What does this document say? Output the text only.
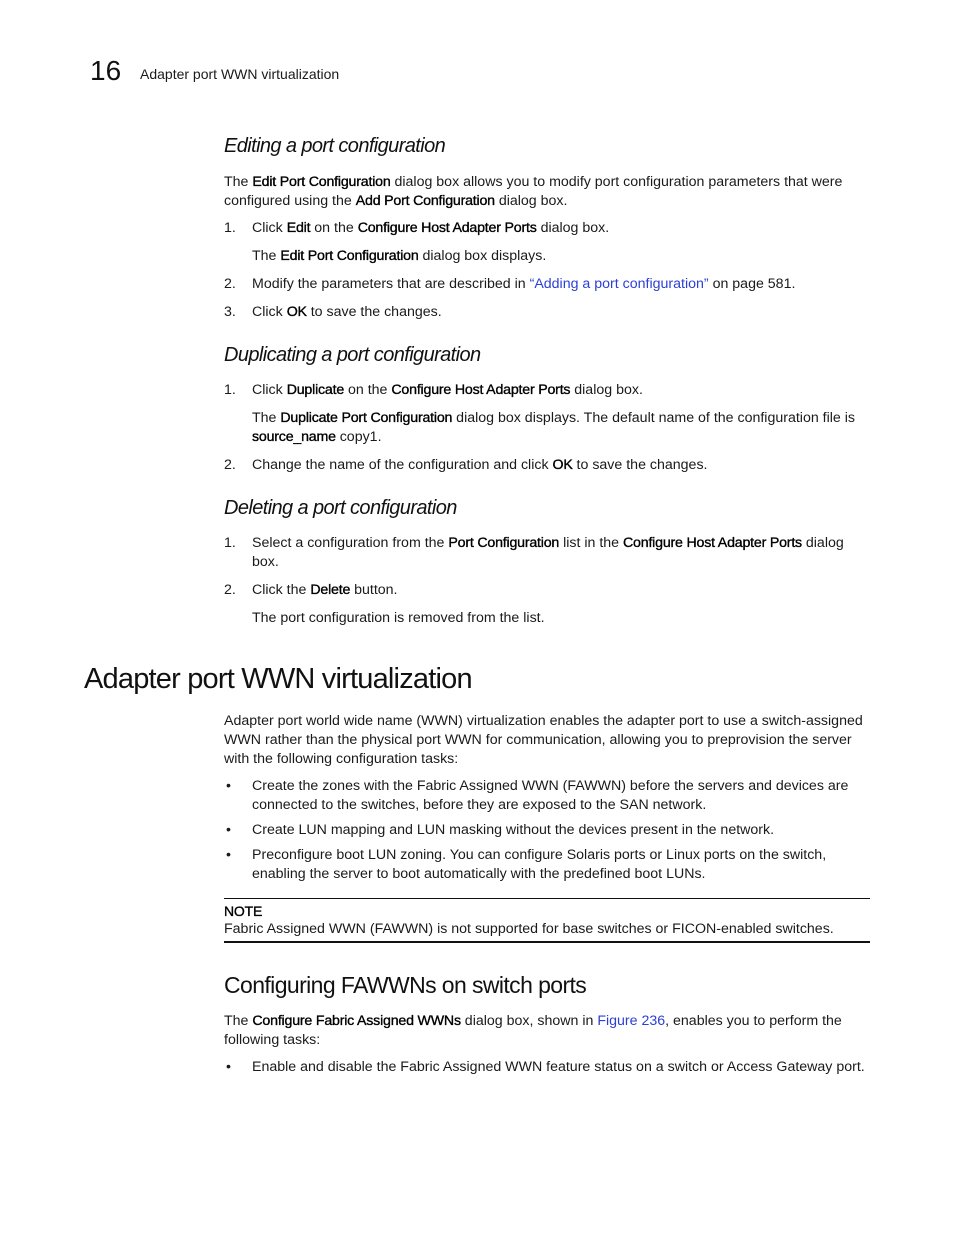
16 Adapter port WWN virtualization
Editing a port configuration
The Edit Port Configuration dialog box allows you to modify port configuration parameters that were configured using the Add Port Configuration dialog box.
1. Click Edit on the Configure Host Adapter Ports dialog box.
The Edit Port Configuration dialog box displays.
2. Modify the parameters that are described in “Adding a port configuration” on page 581.
3. Click OK to save the changes.
Duplicating a port configuration
1. Click Duplicate on the Configure Host Adapter Ports dialog box.
The Duplicate Port Configuration dialog box displays. The default name of the configuration file is source_name copy1.
2. Change the name of the configuration and click OK to save the changes.
Deleting a port configuration
1. Select a configuration from the Port Configuration list in the Configure Host Adapter Ports dialog box.
2. Click the Delete button.
The port configuration is removed from the list.
Adapter port WWN virtualization
Adapter port world wide name (WWN) virtualization enables the adapter port to use a switch-assigned WWN rather than the physical port WWN for communication, allowing you to preprovision the server with the following configuration tasks:
• Create the zones with the Fabric Assigned WWN (FAWWN) before the servers and devices are connected to the switches, before they are exposed to the SAN network.
• Create LUN mapping and LUN masking without the devices present in the network.
• Preconfigure boot LUN zoning. You can configure Solaris ports or Linux ports on the switch, enabling the server to boot automatically with the predefined boot LUNs.
NOTE
Fabric Assigned WWN (FAWWN) is not supported for base switches or FICON-enabled switches.
Configuring FAWWNs on switch ports
The Configure Fabric Assigned WWNs dialog box, shown in Figure 236, enables you to perform the following tasks:
• Enable and disable the Fabric Assigned WWN feature status on a switch or Access Gateway port.
